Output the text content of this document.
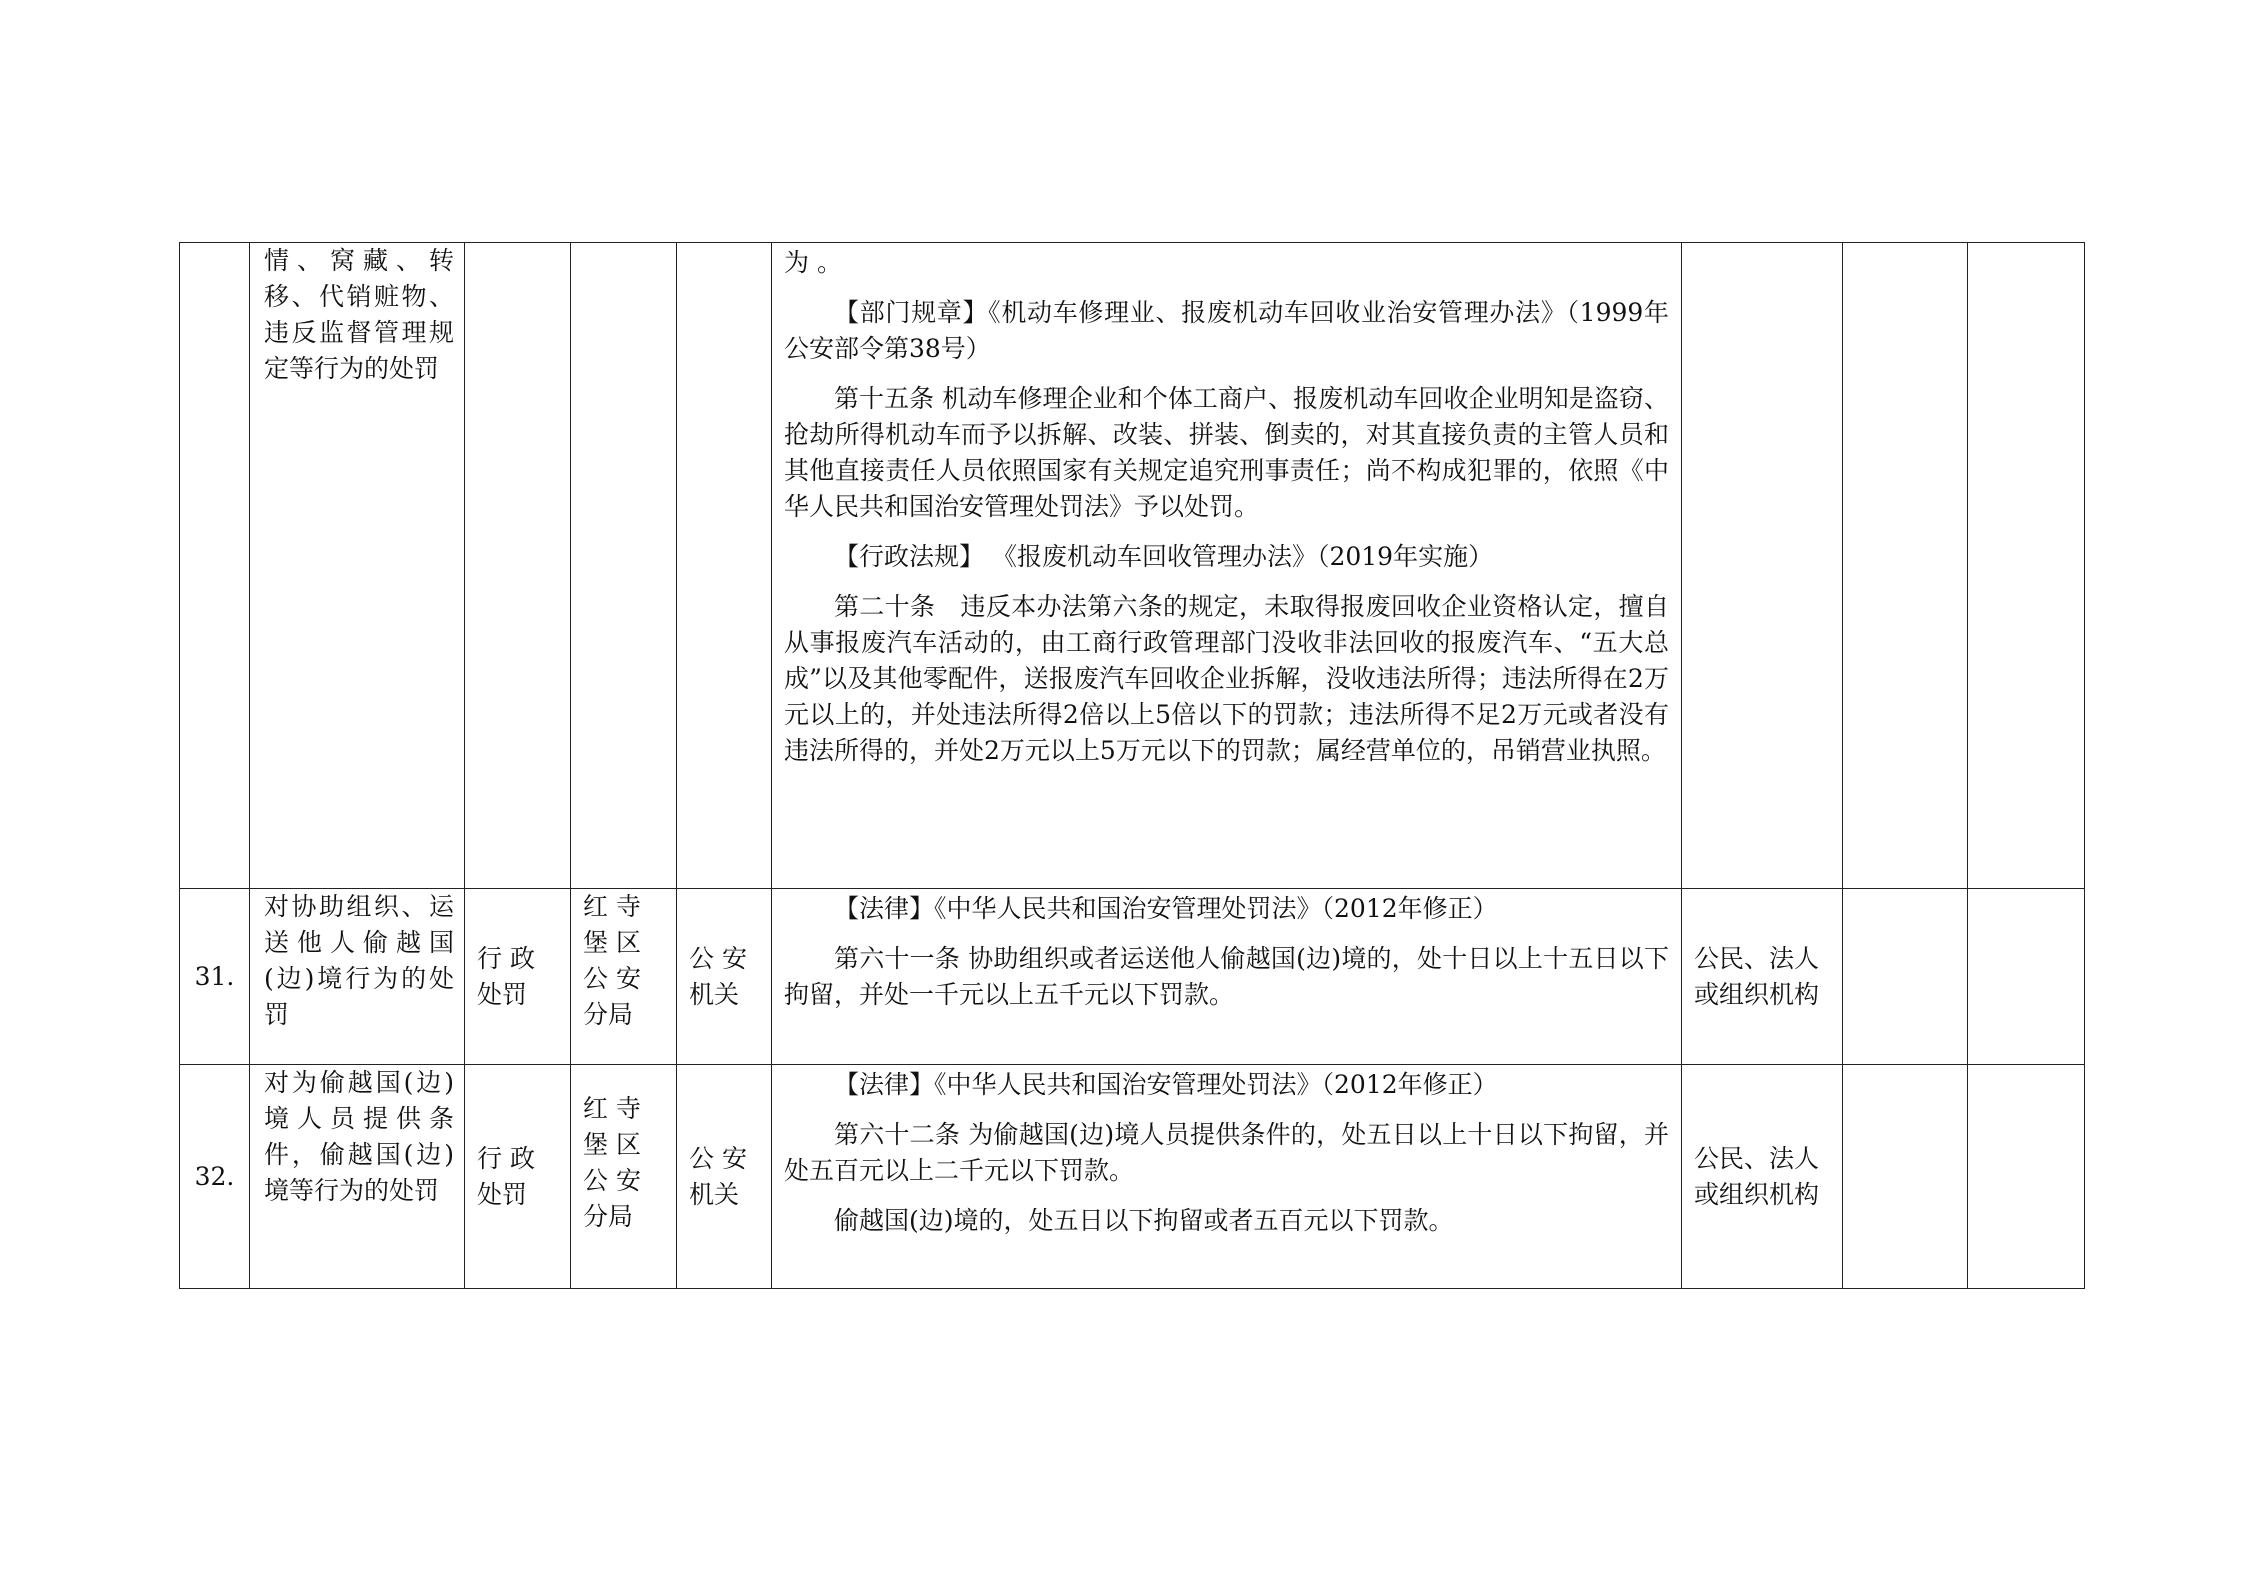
	情、窝藏、转移、代销赃物、违反监督管理规定等行为的处罚				为 。

【部门规章】《机动车修理业、报废机动车回收业治安管理办法》（1999年公安部令第38号）

第十五条 机动车修理企业和个体工商户、报废机动车回收企业明知是盗窃、抢劫所得机动车而予以拆解、改装、拼装、倒卖的，对其直接负责的主管人员和其他直接责任人员依照国家有关规定追究刑事责任；尚不构成犯罪的，依照《中华人民共和国治安管理处罚法》予以处罚。

【行政法规】 《报废机动车回收管理办法》（2019年实施）

第二十条　违反本办法第六条的规定，未取得报废回收企业资格认定，擅自从事报废汽车活动的，由工商行政管理部门没收非法回收的报废汽车、“五大总成”以及其他零配件，送报废汽车回收企业拆解，没收违法所得；违法所得在2万元以上的，并处违法所得2倍以上5倍以下的罚款；违法所得不足2万元或者没有违法所得的，并处2万元以上5万元以下的罚款；属经营单位的，吊销营业执照。			

31.	对协助组织、运送他人偷越国(边)境行为的处罚	行 政 处罚	红 寺 堡 区 公 安 分局	公 安 机关	【法律】《中华人民共和国治安管理处罚法》（2012年修正）

第六十一条 协助组织或者运送他人偷越国(边)境的，处十日以上十五日以下拘留，并处一千元以上五千元以下罚款。	公民、法人或组织机构		
32.	对为偷越国(边)境人员提供条件，偷越国(边)境等行为的处罚	行 政 处罚	红 寺 堡 区 公 安 分局	公 安 机关	【法律】《中华人民共和国治安管理处罚法》（2012年修正）

第六十二条 为偷越国(边)境人员提供条件的，处五日以上十日以下拘留，并处五百元以上二千元以下罚款。

偷越国(边)境的，处五日以下拘留或者五百元以下罚款。	公民、法人或组织机构		
